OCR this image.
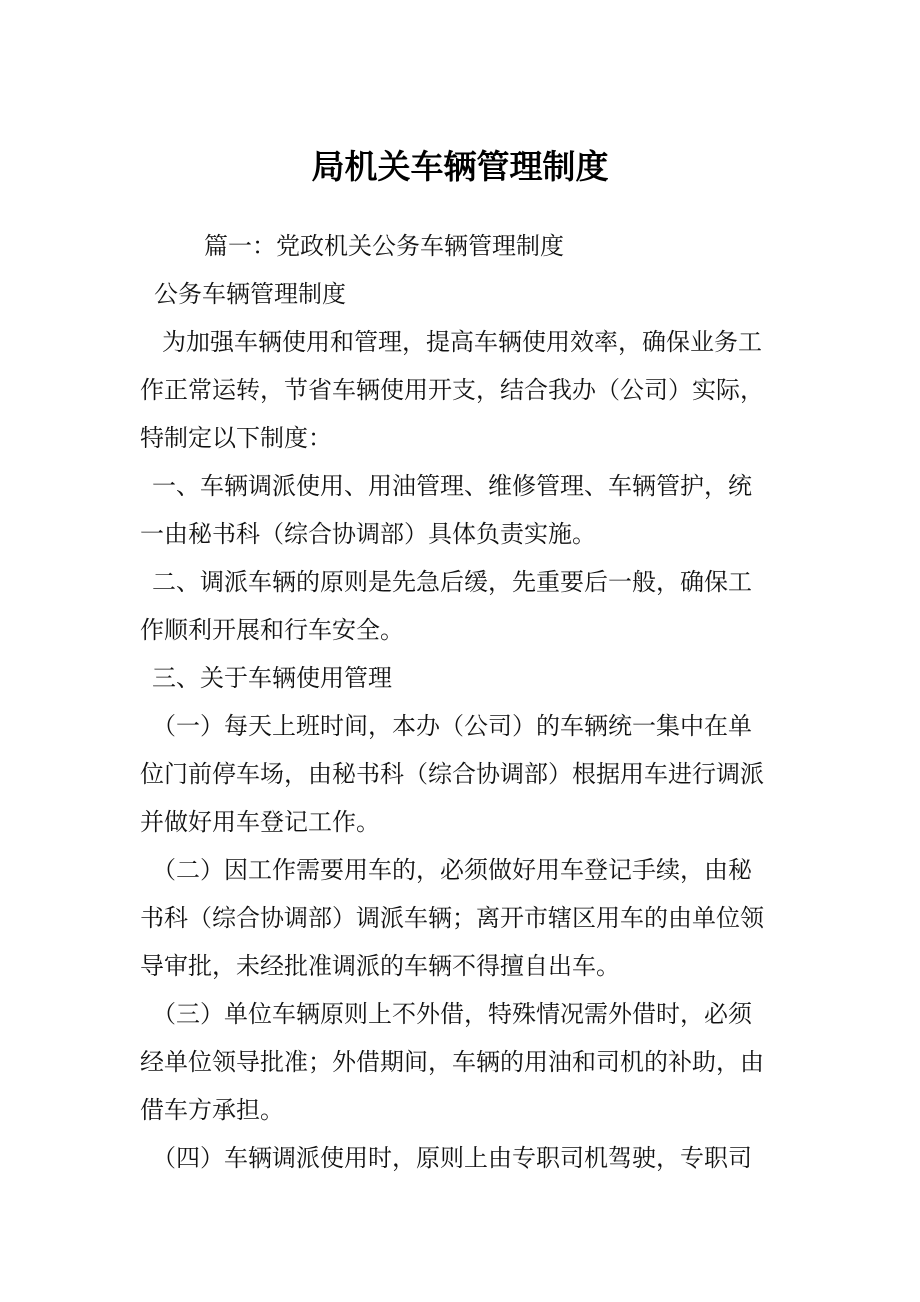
局机关车辆管理制度

篇一：党政机关公务车辆管理制度

公务车辆管理制度

为加强车辆使用和管理，提高车辆使用效率，确保业务工
作正常运转，节省车辆使用开支，结合我办（公司）实际，
特制定以下制度：

一、车辆调派使用、用油管理、维修管理、车辆管护，统
一由秘书科（综合协调部）具体负责实施。

二、调派车辆的原则是先急后缓，先重要后一般，确保工
作顺利开展和行车安全。

三、关于车辆使用管理

（一）每天上班时间，本办（公司）的车辆统一集中在单
位门前停车场，由秘书科（综合协调部）根据用车进行调派
并做好用车登记工作。

（二）因工作需要用车的，必须做好用车登记手续，由秘
书科（综合协调部）调派车辆；离开市辖区用车的由单位领
导审批，未经批准调派的车辆不得擅自出车。

（三）单位车辆原则上不外借，特殊情况需外借时，必须
经单位领导批准；外借期间，车辆的用油和司机的补助，由
借车方承担。

（四）车辆调派使用时，原则上由专职司机驾驶，专职司
